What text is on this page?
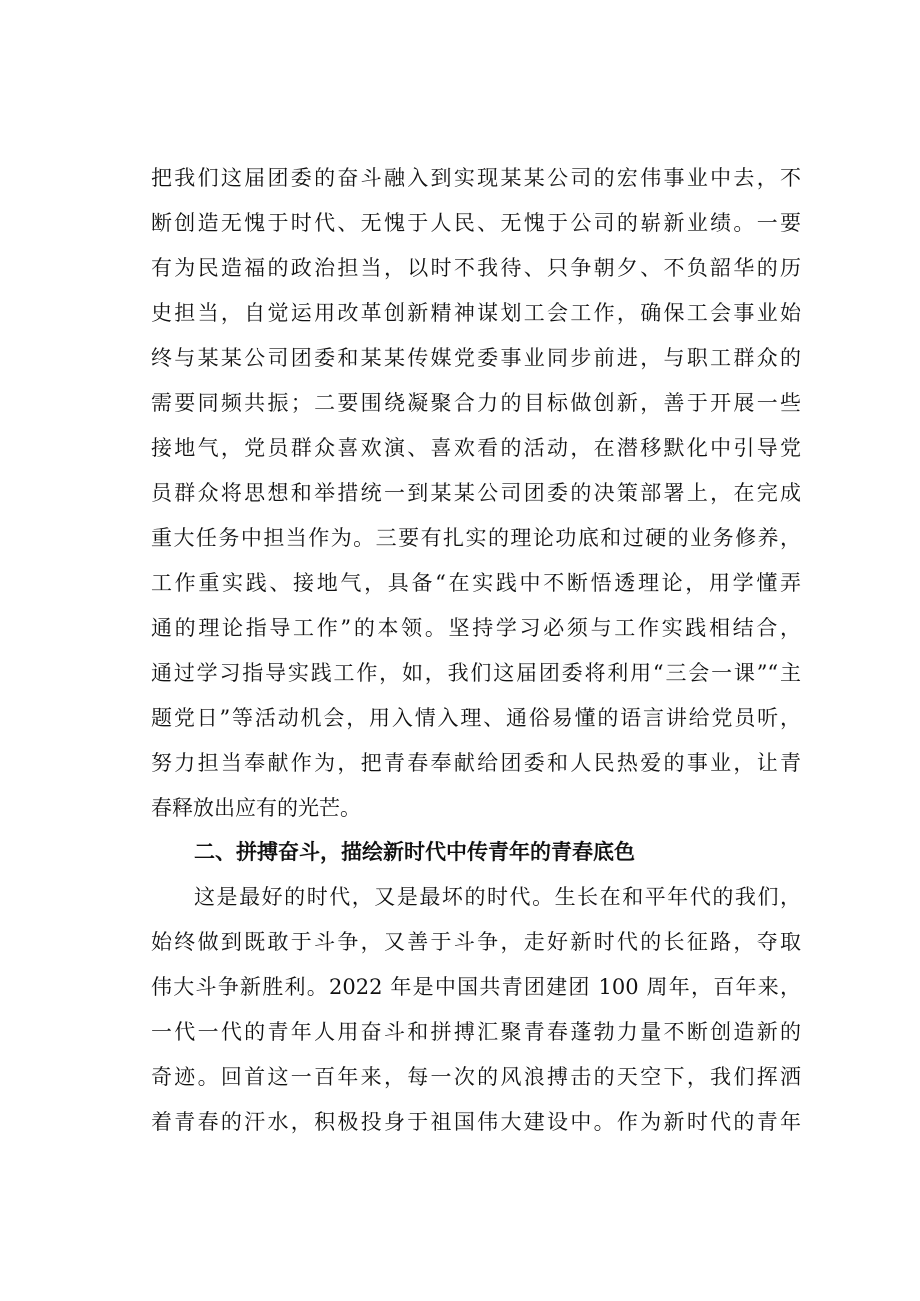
把我们这届团委的奋斗融入到实现某某公司的宏伟事业中去，不
断创造无愧于时代、无愧于人民、无愧于公司的崭新业绩。一要
有为民造福的政治担当，以时不我待、只争朝夕、不负韶华的历
史担当，自觉运用改革创新精神谋划工会工作，确保工会事业始
终与某某公司团委和某某传媒党委事业同步前进，与职工群众的
需要同频共振；二要围绕凝聚合力的目标做创新，善于开展一些
接地气，党员群众喜欢演、喜欢看的活动，在潜移默化中引导党
员群众将思想和举措统一到某某公司团委的决策部署上，在完成
重大任务中担当作为。三要有扎实的理论功底和过硬的业务修养，
工作重实践、接地气，具备“在实践中不断悟透理论，用学懂弄
通的理论指导工作”的本领。坚持学习必须与工作实践相结合，
通过学习指导实践工作，如，我们这届团委将利用“三会一课”“主
题党日”等活动机会，用入情入理、通俗易懂的语言讲给党员听，
努力担当奉献作为，把青春奉献给团委和人民热爱的事业，让青
春释放出应有的光芒。
二、拼搏奋斗，描绘新时代中传青年的青春底色
这是最好的时代，又是最坏的时代。生长在和平年代的我们，
始终做到既敢于斗争，又善于斗争，走好新时代的长征路，夺取
伟大斗争新胜利。2022 年是中国共青团建团 100 周年，百年来，
一代一代的青年人用奋斗和拼搏汇聚青春蓬勃力量不断创造新的
奇迹。回首这一百年来，每一次的风浪搏击的天空下，我们挥洒
着青春的汗水，积极投身于祖国伟大建设中。作为新时代的青年
